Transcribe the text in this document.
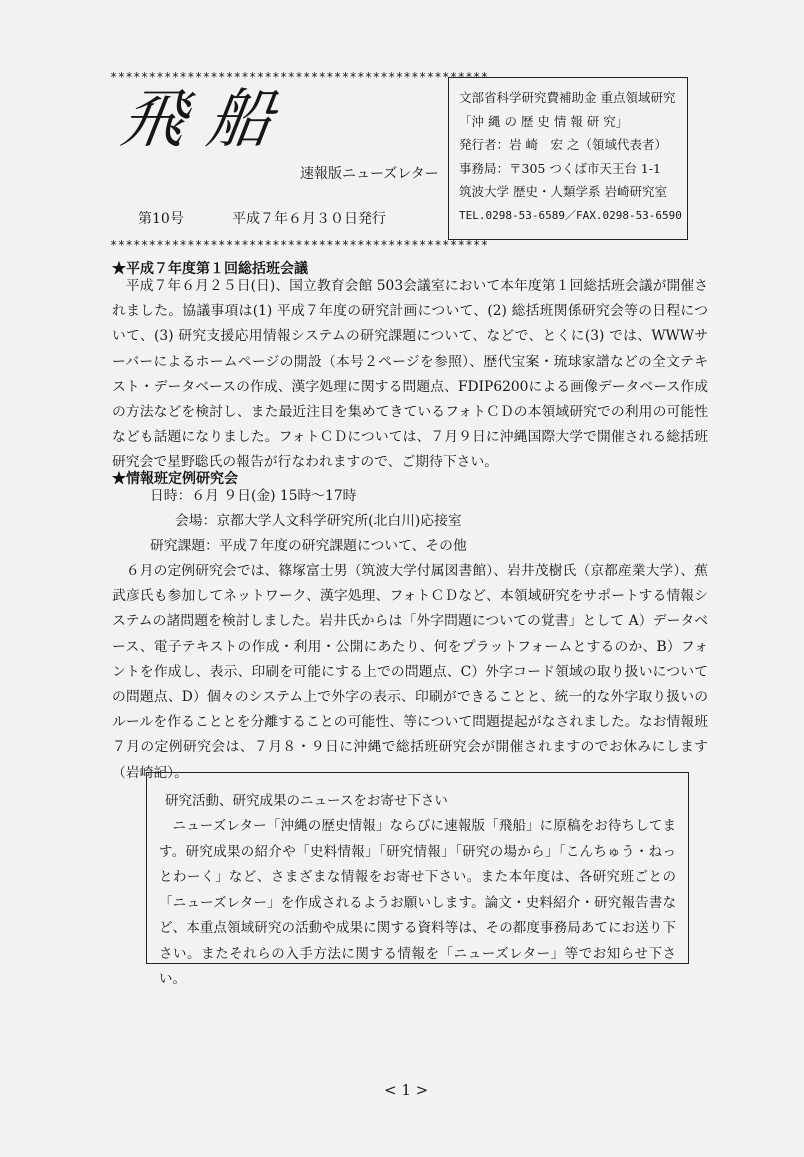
*************************************************
飛船
速報版ニューズレター
第10号	平成７年６月３０日発行
*************************************************
文部省科学研究費補助金 重点領域研究
「沖 縄 の 歴 史 情 報 研 究」
発行者：岩 崎　宏 之（領域代表者）
事務局：〒305 つくば市天王台 1-1
筑波大学 歴史・人類学系 岩崎研究室
TEL.0298-53-6589／FAX.0298-53-6590
★平成７年度第１回総括班会議
　平成７年６月２５日(日)、国立教育会館 503会議室において本年度第１回総括班会議が開催されました。協議事項は(1) 平成７年度の研究計画について、(2) 総括班関係研究会等の日程について、(3) 研究支援応用情報システムの研究課題について、などで、とくに(3) では、WWWサーバーによるホームページの開設（本号２ページを参照）、歴代宝案・琉球家譜などの全文テキスト・データベースの作成、漢字処理に関する問題点、FDIP6200による画像データベース作成の方法などを検討し、また最近注目を集めてきているフォトＣＤの本領域研究での利用の可能性なども話題になりました。フォトＣＤについては、７月９日に沖縄国際大学で開催される総括班研究会で星野聡氏の報告が行なわれますので、ご期待下さい。
★情報班定例研究会
日時：６月 ９日(金) 15時～17時
会場：京都大学人文科学研究所(北白川)応接室
研究課題：平成７年度の研究課題について、その他
　６月の定例研究会では、篠塚富士男（筑波大学付属図書館）、岩井茂樹氏（京都産業大学）、蕉武彦氏も参加してネットワーク、漢字処理、フォトＣＤなど、本領域研究をサポートする情報システムの諸問題を検討しました。岩井氏からは「外字問題についての覚書」として A）データベース、電子テキストの作成・利用・公開にあたり、何をプラットフォームとするのか、B）フォントを作成し、表示、印刷を可能にする上での問題点、C）外字コード領域の取り扱いについての問題点、D）個々のシステム上で外字の表示、印刷ができることと、統一的な外字取り扱いのルールを作ることとを分離することの可能性、等について問題提起がなされました。なお情報班７月の定例研究会は、７月８・９日に沖縄で総括班研究会が開催されますのでお休みにします（岩崎記）。
研究活動、研究成果のニュースをお寄せ下さい
ニューズレター「沖縄の歴史情報」ならびに速報版「飛船」に原稿をお待ちしてます。研究成果の紹介や「史料情報」「研究情報」「研究の場から」「こんちゅう・ねっとわーく」など、さまざまな情報をお寄せ下さい。また本年度は、各研究班ごとの「ニューズレター」を作成されるようお願いします。論文・史料紹介・研究報告書など、本重点領域研究の活動や成果に関する資料等は、その都度事務局あてにお送り下さい。またそれらの入手方法に関する情報を「ニューズレター」等でお知らせ下さい。
< 1 >
